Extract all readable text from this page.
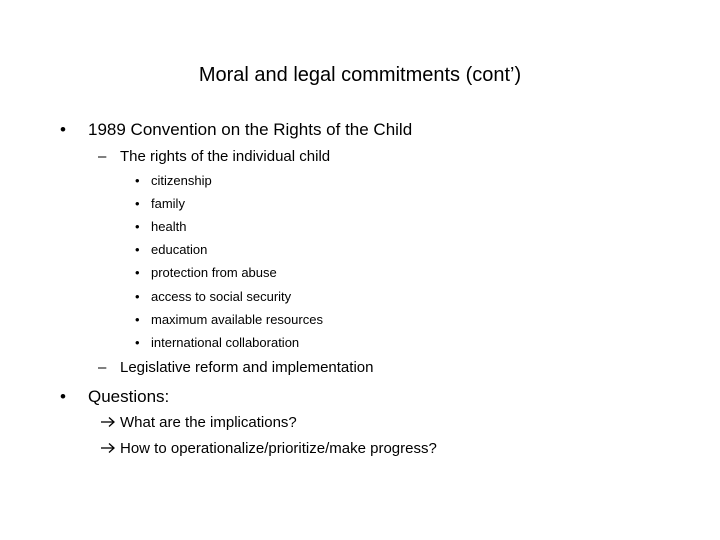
Moral and legal commitments (cont’)
• 1989 Convention on the Rights of the Child
– The rights of the individual child
• citizenship
• family
• health
• education
• protection from abuse
• access to social security
• maximum available resources
• international collaboration
– Legislative reform and implementation
• Questions:
What are the implications?
How to operationalize/prioritize/make progress?
